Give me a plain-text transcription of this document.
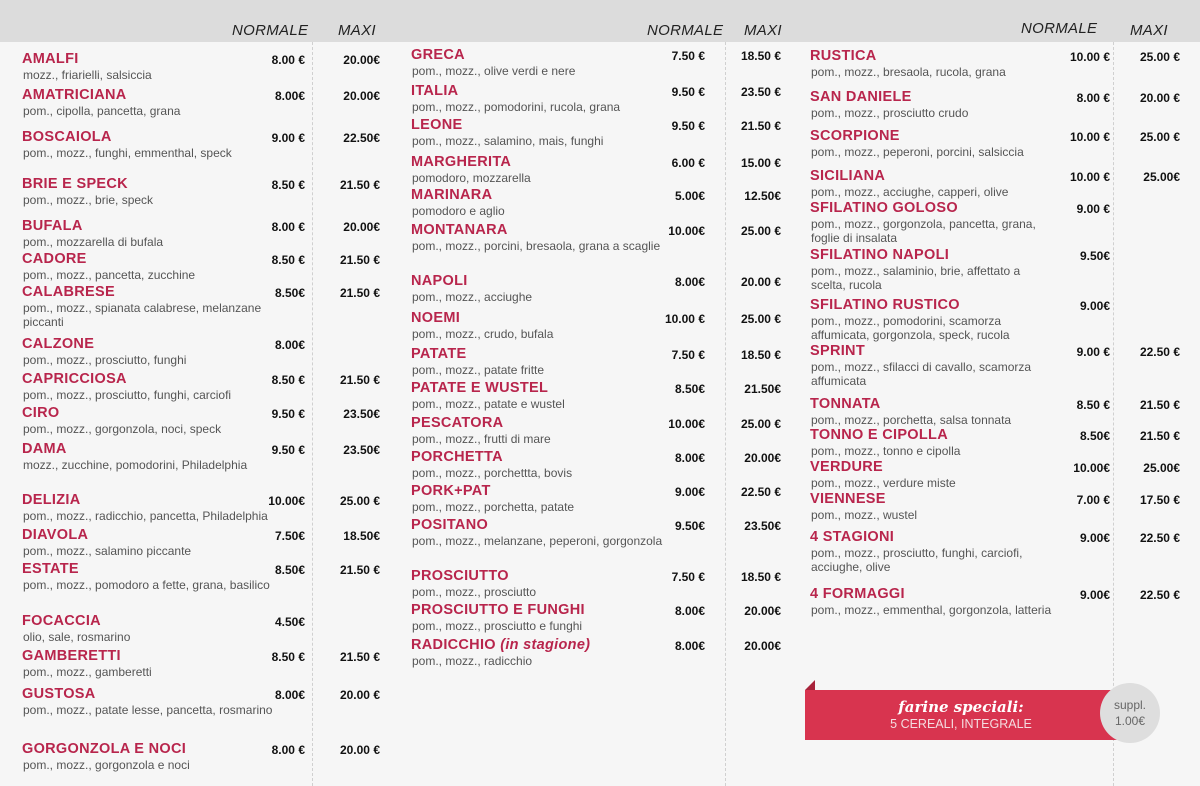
NORMALE MAXI	NORMALE MAXI	NORMALE MAXI
AMALFI
mozz., friarielli, salsiccia
8.00 €	20.00€
AMATRICIANA
pom., cipolla, pancetta, grana
8.00€	20.00€
BOSCAIOLA
pom., mozz., funghi, emmenthal, speck
9.00 €	22.50€
BRIE E SPECK
pom., mozz., brie, speck
8.50 €	21.50 €
BUFALA
pom., mozzarella di bufala
8.00 €	20.00€
CADORE
pom., mozz., pancetta, zucchine
8.50 €	21.50 €
CALABRESE
pom., mozz., spianata calabrese, melanzane piccanti
8.50€	21.50 €
CALZONE
pom., mozz., prosciutto, funghi
8.00€
CAPRICCIOSA
pom., mozz., prosciutto, funghi, carciofi
8.50 €	21.50 €
CIRO
pom., mozz., gorgonzola, noci, speck
9.50 €	23.50€
DAMA
mozz., zucchine, pomodorini, Philadelphia
9.50 €	23.50€
DELIZIA
pom., mozz., radicchio, pancetta, Philadelphia
10.00€	25.00 €
DIAVOLA
pom., mozz., salamino piccante
7.50€	18.50€
ESTATE
pom., mozz., pomodoro a fette, grana, basilico
8.50€	21.50 €
FOCACCIA
olio, sale, rosmarino
4.50€
GAMBERETTI
pom., mozz., gamberetti
8.50 €	21.50 €
GUSTOSA
pom., mozz., patate lesse, pancetta, rosmarino
8.00€	20.00 €
GORGONZOLA E NOCI
pom., mozz., gorgonzola e noci
8.00 €	20.00 €
GRECA
pom., mozz., olive verdi e nere
7.50 €	18.50 €
ITALIA
pom., mozz., pomodorini, rucola, grana
9.50 €	23.50 €
LEONE
pom., mozz., salamino, mais, funghi
9.50 €	21.50 €
MARGHERITA
pomodoro, mozzarella
6.00 €	15.00 €
MARINARA
pomodoro e aglio
5.00€	12.50€
MONTANARA
pom., mozz., porcini, bresaola, grana a scaglie
10.00€	25.00 €
NAPOLI
pom., mozz., acciughe
8.00€	20.00 €
NOEMI
pom., mozz., crudo, bufala
10.00 €	25.00 €
PATATE
pom., mozz., patate fritte
7.50 €	18.50 €
PATATE E WUSTEL
pom., mozz., patate e wustel
8.50€	21.50€
PESCATORA
pom., mozz., frutti di mare
10.00€	25.00 €
PORCHETTA
pom., mozz., porchettta, bovis
8.00€	20.00€
PORK+PAT
pom., mozz., porchetta, patate
9.00€	22.50 €
POSITANO
pom., mozz., melanzane, peperoni, gorgonzola
9.50€	23.50€
PROSCIUTTO
pom., mozz., prosciutto
7.50 €	18.50 €
PROSCIUTTO E FUNGHI
pom., mozz., prosciutto e funghi
8.00€	20.00€
RADICCHIO (in stagione)
pom., mozz., radicchio
8.00€	20.00€
RUSTICA
pom., mozz., bresaola, rucola, grana
10.00 €	25.00 €
SAN DANIELE
pom., mozz., prosciutto crudo
8.00 €	20.00 €
SCORPIONE
pom., mozz., peperoni, porcini, salsiccia
10.00 €	25.00 €
SICILIANA
pom., mozz., acciughe, capperi, olive
10.00 €	25.00€
SFILATINO GOLOSO
pom., mozz., gorgonzola, pancetta, grana, foglie di insalata
9.00 €
SFILATINO NAPOLI
pom., mozz., salaminio, brie, affettato a scelta, rucola
9.50€
SFILATINO RUSTICO
pom., mozz., pomodorini, scamorza affumicata, gorgonzola, speck, rucola
9.00€
SPRINT
pom., mozz., sfilacci di cavallo, scamorza affumicata
9.00 €	22.50 €
TONNATA
pom., mozz., porchetta, salsa tonnata
8.50 €	21.50 €
TONNO E CIPOLLA
pom., mozz., tonno e cipolla
8.50€	21.50 €
VERDURE
pom., mozz., verdure miste
10.00€	25.00€
VIENNESE
pom., mozz., wustel
7.00 €	17.50 €
4 STAGIONI
pom., mozz., prosciutto, funghi, carciofi, acciughe, olive
9.00€	22.50 €
4 FORMAGGI
pom., mozz., emmenthal, gorgonzola, latteria
9.00€	22.50 €
farine speciali:
5 CEREALI, INTEGRALE
suppl.
1.00€
